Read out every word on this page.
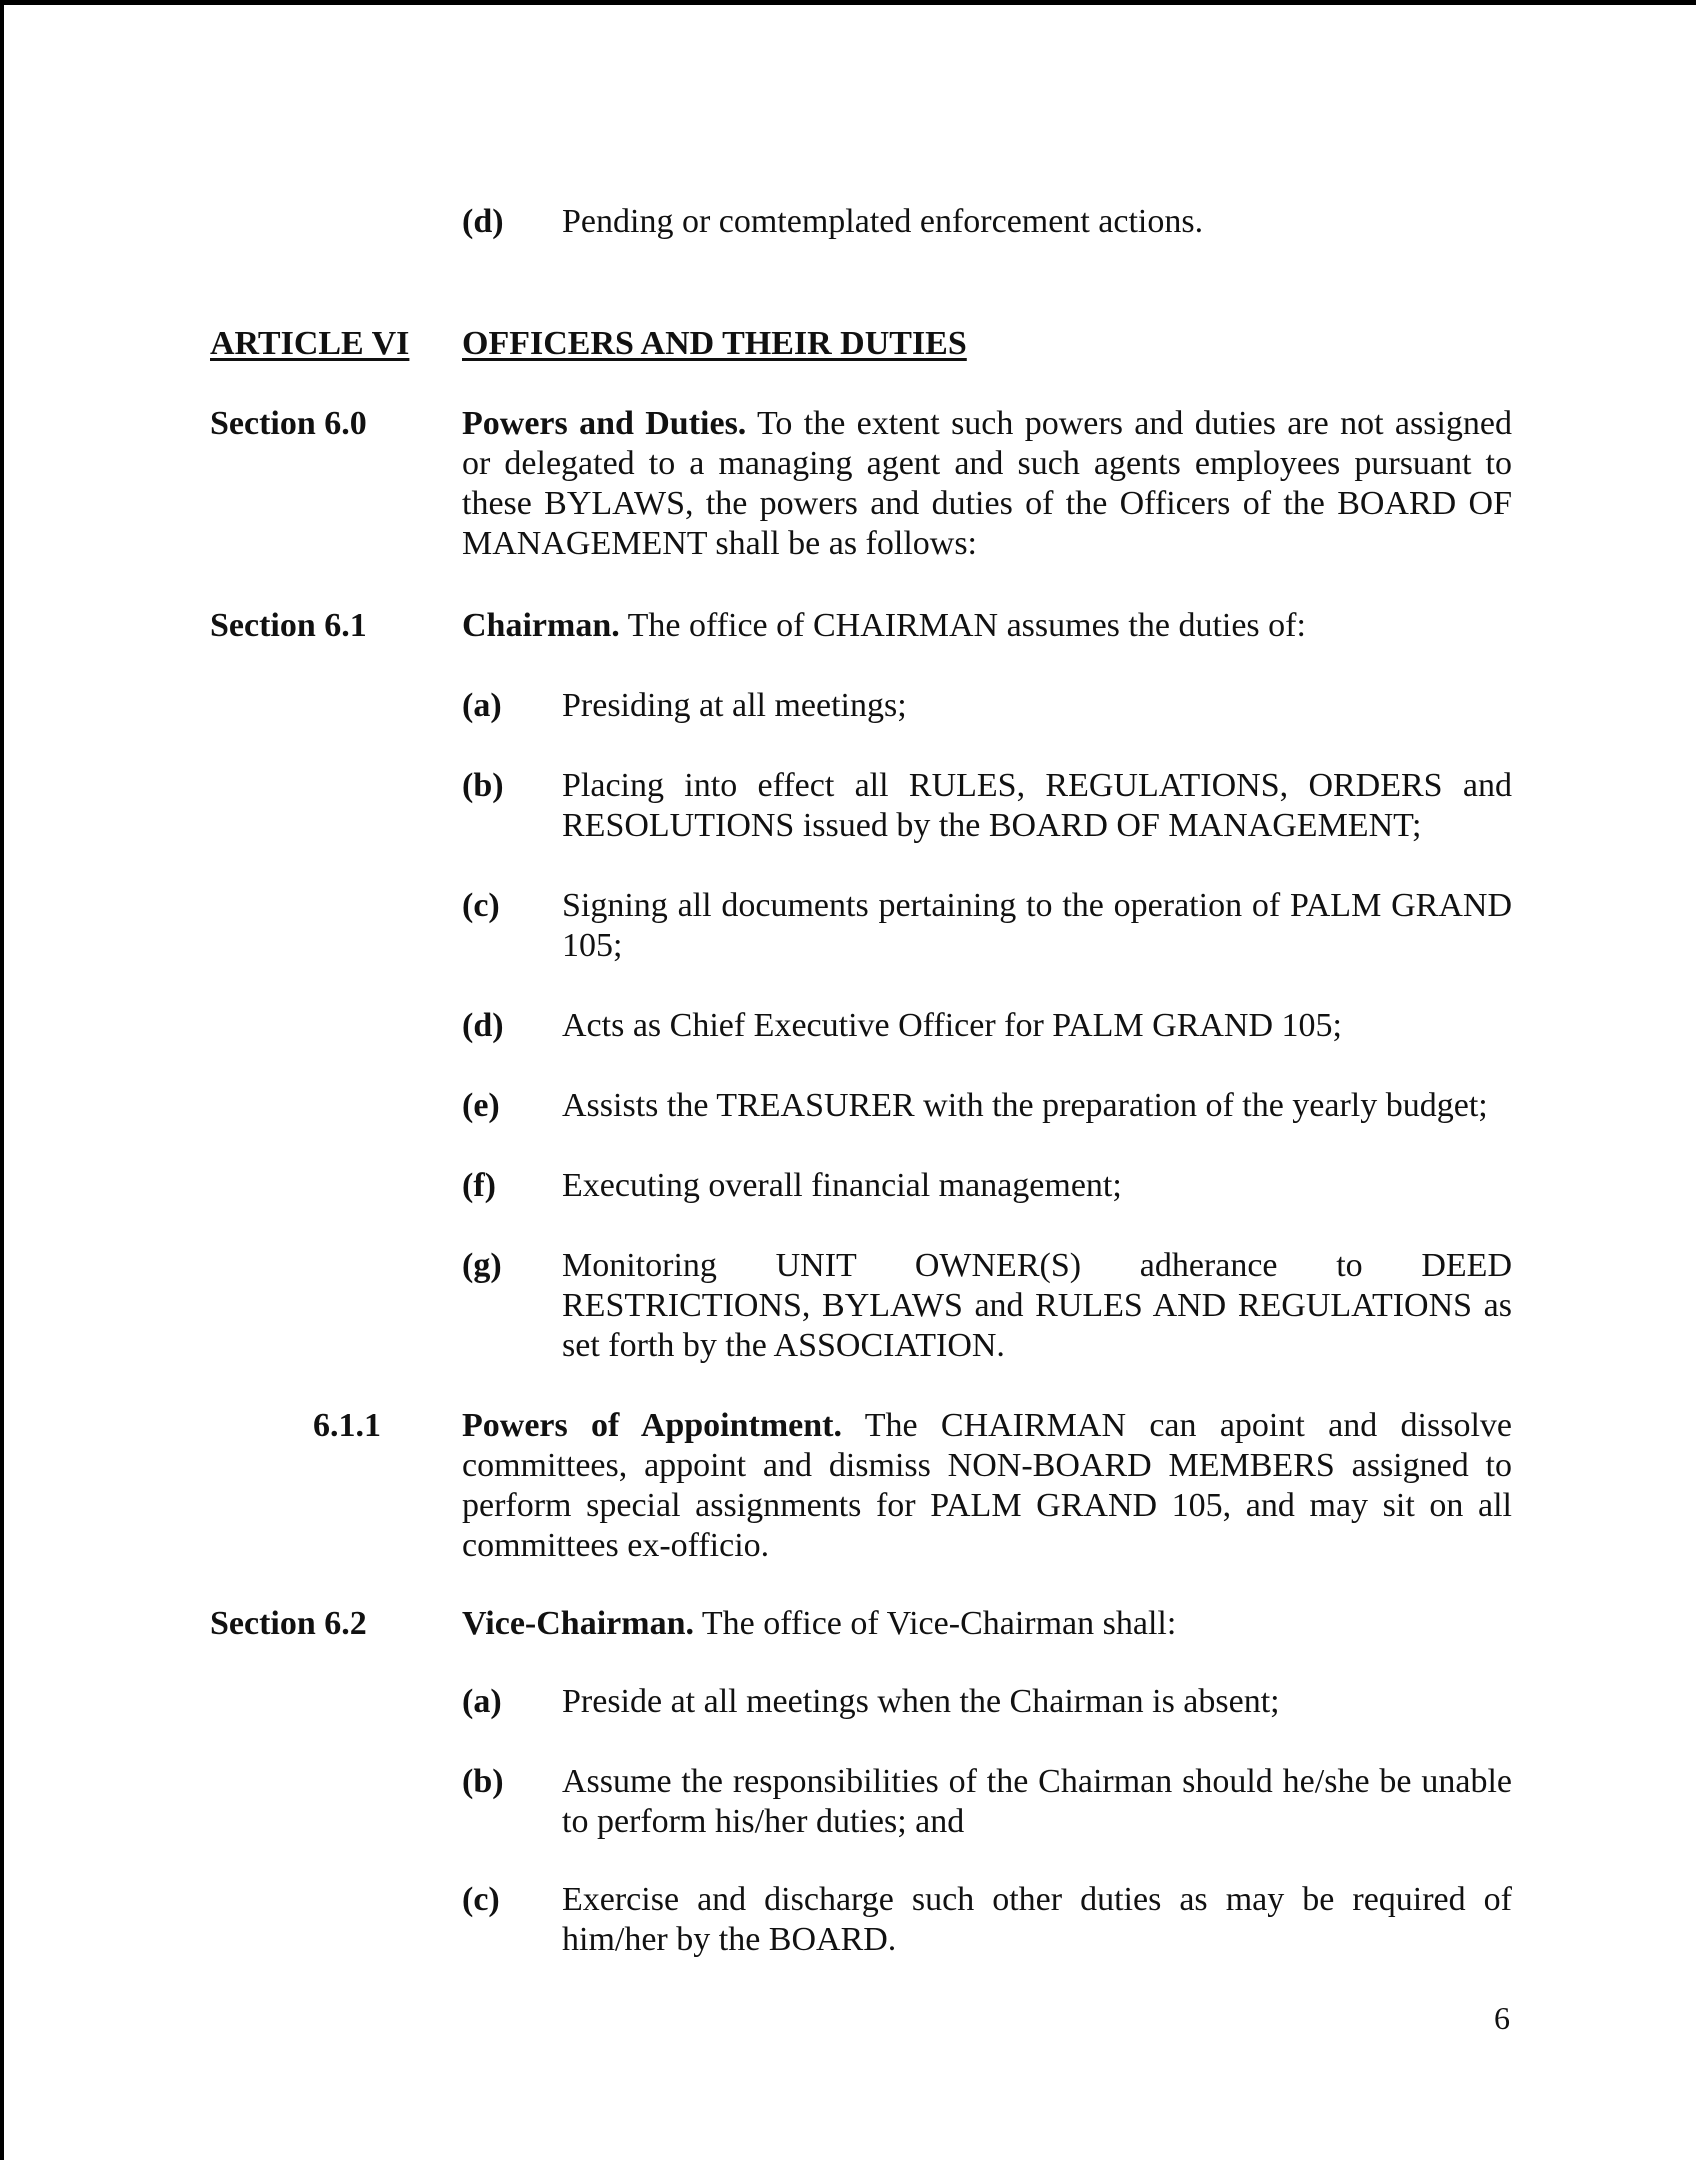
(d) Pending or comtemplated enforcement actions.
ARTICLE VI OFFICERS AND THEIR DUTIES
Section 6.0	Powers and Duties. To the extent such powers and duties are not assigned or delegated to a managing agent and such agents employees pursuant to these BYLAWS, the powers and duties of the Officers of the BOARD OF MANAGEMENT shall be as follows:
Section 6.1	Chairman. The office of CHAIRMAN assumes the duties of:
(a) Presiding at all meetings;
(b) Placing into effect all RULES, REGULATIONS, ORDERS and RESOLUTIONS issued by the BOARD OF MANAGEMENT;
(c) Signing all documents pertaining to the operation of PALM GRAND 105;
(d) Acts as Chief Executive Officer for PALM GRAND 105;
(e) Assists the TREASURER with the preparation of the yearly budget;
(f) Executing overall financial management;
(g) Monitoring UNIT OWNER(S) adherance to DEED RESTRICTIONS, BYLAWS and RULES AND REGULATIONS as set forth by the ASSOCIATION.
6.1.1 Powers of Appointment. The CHAIRMAN can apoint and dissolve committees, appoint and dismiss NON-BOARD MEMBERS assigned to perform special assignments for PALM GRAND 105, and may sit on all committees ex-officio.
Section 6.2	Vice-Chairman. The office of Vice-Chairman shall:
(a) Preside at all meetings when the Chairman is absent;
(b) Assume the responsibilities of the Chairman should he/she be unable to perform his/her duties; and
(c) Exercise and discharge such other duties as may be required of him/her by the BOARD.
6
